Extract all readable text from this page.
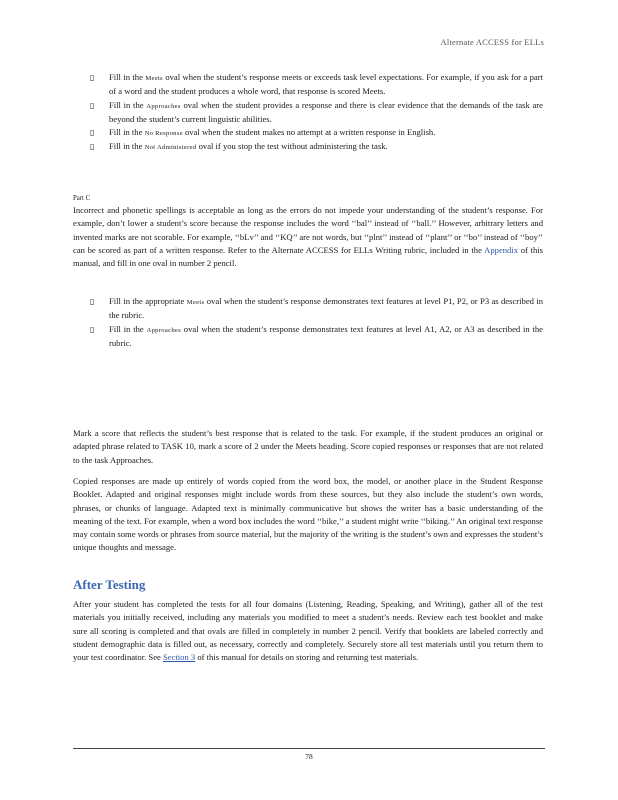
Alternate ACCESS for ELLs
▯ Fill in the Meets oval when the student’s response meets or exceeds task level expectations. For example, if you ask for a part of a word and the student produces a whole word, that response is scored Meets.
▯ Fill in the Approaches oval when the student provides a response and there is clear evidence that the demands of the task are beyond the student’s current linguistic abilities.
▯ Fill in the No Response oval when the student makes no attempt at a written response in English.
▯ Fill in the Not Administered oval if you stop the test without administering the task.

Part C

Incorrect and phonetic spellings is acceptable as long as the errors do not impede your understanding of the student’s response. For example, don’t lower a student’s score because the response includes the word ‘‘bal’’ instead of ‘‘ball.’’ However, arbitrary letters and invented marks are not scorable. For example, ‘‘bLv’’ and ‘‘KQ’’ are not words, but ‘‘plnt’’ instead of ‘‘plant’’ or ‘‘bo’’ instead of ‘‘boy’’ can be scored as part of a written response. Refer to the Alternate ACCESS for ELLs Writing rubric, included in the Appendix of this manual, and fill in one oval in number 2 pencil.

▯ Fill in the appropriate Meets oval when the student’s response demonstrates text features at level P1, P2, or P3 as described in the rubric.
▯ Fill in the Approaches oval when the student’s response demonstrates text features at level A1, A2, or A3 as described in the rubric.

Mark a score that reflects the student’s best response that is related to the task. For example, if the student produces an original or adapted phrase related to TASK 10, mark a score of 2 under the Meets heading. Score copied responses or responses that are not related to the task Approaches.

Copied responses are made up entirely of words copied from the word box, the model, or another place in the Student Response Booklet. Adapted and original responses might include words from these sources, but they also include the student’s own words, phrases, or chunks of language. Adapted text is minimally communicative but shows the writer has a basic understanding of the meaning of the text. For example, when a word box includes the word ‘‘bike,’’ a student might write ‘‘biking.’’ An original text response may contain some words or phrases from source material, but the majority of the writing is the student’s own and expresses the student’s unique thoughts and message.

After Testing

After your student has completed the tests for all four domains (Listening, Reading, Speaking, and Writing), gather all of the test materials you initially received, including any materials you modified to meet a student’s needs. Review each test booklet and make sure all scoring is completed and that ovals are filled in completely in number 2 pencil. Verify that booklets are labeled correctly and student demographic data is filled out, as necessary, correctly and completely. Securely store all test materials until you return them to your test coordinator. See Section 3 of this manual for details on storing and returning test materials.

78
